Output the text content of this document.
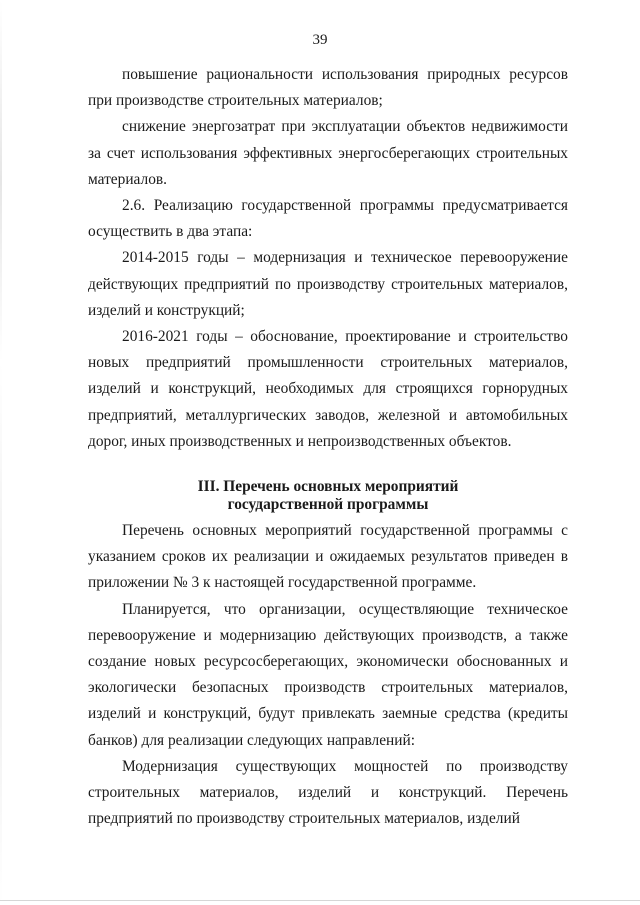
39

повышение рациональности использования природных ресурсов при производстве строительных материалов;

снижение энергозатрат при эксплуатации объектов недвижимости за счет использования эффективных энергосберегающих строительных материалов.

2.6. Реализацию государственной программы предусматривается осуществить в два этапа:

2014-2015 годы – модернизация и техническое перевооружение действующих предприятий по производству строительных материалов, изделий и конструкций;

2016-2021 годы – обоснование, проектирование и строительство новых предприятий промышленности строительных материалов, изделий и конструкций, необходимых для строящихся горнорудных предприятий, металлургических заводов, железной и автомобильных дорог, иных производственных и непроизводственных объектов.

III. Перечень основных мероприятий
государственной программы

Перечень основных мероприятий государственной программы с указанием сроков их реализации и ожидаемых результатов приведен в приложении № 3 к настоящей государственной программе.

Планируется, что организации, осуществляющие техническое перевооружение и модернизацию действующих производств, а также создание новых ресурсосберегающих, экономически обоснованных и экологически безопасных производств строительных материалов, изделий и конструкций, будут привлекать заемные средства (кредиты банков) для реализации следующих направлений:

Модернизация существующих мощностей по производству строительных материалов, изделий и конструкций. Перечень предприятий по производству строительных материалов, изделий
